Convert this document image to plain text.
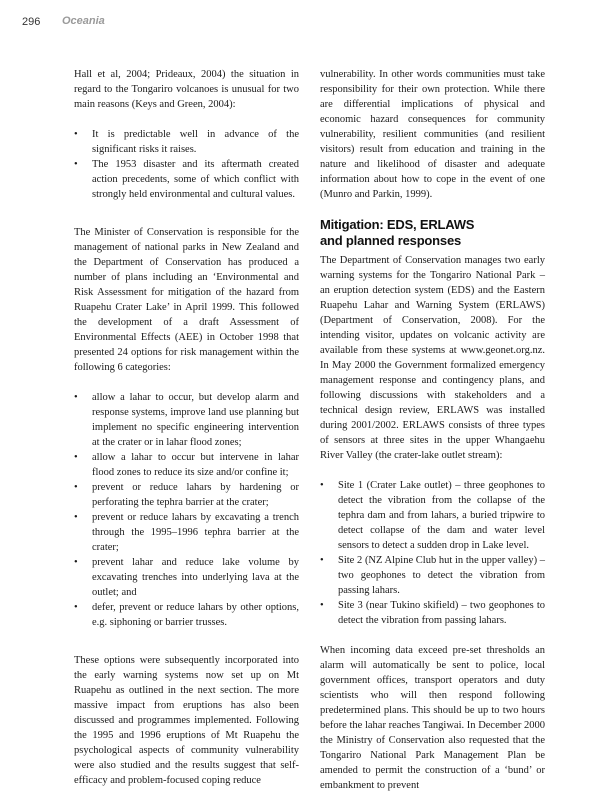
296 Oceania

Hall et al, 2004; Prideaux, 2004) the situation in regard to the Tongariro volcanoes is unusual for two main reasons (Keys and Green, 2004):

• It is predictable well in advance of the significant risks it raises.
• The 1953 disaster and its aftermath created action precedents, some of which conflict with strongly held environmental and cultural values.

The Minister of Conservation is responsible for the management of national parks in New Zealand and the Department of Conservation has produced a number of plans including an ‘Environmental and Risk Assessment for mitigation of the hazard from Ruapehu Crater Lake’ in April 1999. This followed the development of a draft Assessment of Environmental Effects (AEE) in October 1998 that presented 24 options for risk management within the following 6 categories:

• allow a lahar to occur, but develop alarm and response systems, improve land use planning but implement no specific engineering intervention at the crater or in lahar flood zones;
• allow a lahar to occur but intervene in lahar flood zones to reduce its size and/or confine it;
• prevent or reduce lahars by hardening or perforating the tephra barrier at the crater;
• prevent or reduce lahars by excavating a trench through the 1995–1996 tephra barrier at the crater;
• prevent lahar and reduce lake volume by excavating trenches into underlying lava at the outlet; and
• defer, prevent or reduce lahars by other options, e.g. siphoning or barrier trusses.

These options were subsequently incorporated into the early warning systems now set up on Mt Ruapehu as outlined in the next section. The more massive impact from eruptions has also been discussed and programmes implemented. Following the 1995 and 1996 eruptions of Mt Ruapehu the psychological aspects of community vulnerability were also studied and the results suggest that self-efficacy and problem-focused coping reduce

vulnerability. In other words communities must take responsibility for their own protection. While there are differential implications of physical and economic hazard consequences for community vulnerability, resilient communities (and resilient visitors) result from education and training in the nature and likelihood of disaster and adequate information about how to cope in the event of one (Munro and Parkin, 1999).

Mitigation: EDS, ERLAWS
and planned responses

The Department of Conservation manages two early warning systems for the Tongariro National Park – an eruption detection system (EDS) and the Eastern Ruapehu Lahar and Warning System (ERLAWS) (Department of Conservation, 2008). For the intending visitor, updates on volcanic activity are available from these systems at www.geonet.org.nz. In May 2000 the Government formalized emergency management response and contingency plans, and following discussions with stakeholders and a technical design review, ERLAWS was installed during 2001/2002. ERLAWS consists of three types of sensors at three sites in the upper Whangaehu River Valley (the crater-lake outlet stream):

• Site 1 (Crater Lake outlet) – three geophones to detect the vibration from the collapse of the tephra dam and from lahars, a buried tripwire to detect collapse of the dam and water level sensors to detect a sudden drop in Lake level.
• Site 2 (NZ Alpine Club hut in the upper valley) – two geophones to detect the vibration from passing lahars.
• Site 3 (near Tukino skifield) – two geophones to detect the vibration from passing lahars.

When incoming data exceed pre-set thresholds an alarm will automatically be sent to police, local government offices, transport operators and duty scientists who will then respond following predetermined plans. This should be up to two hours before the lahar reaches Tangiwai. In December 2000 the Ministry of Conservation also requested that the Tongariro National Park Management Plan be amended to permit the construction of a ‘bund’ or embankment to prevent
